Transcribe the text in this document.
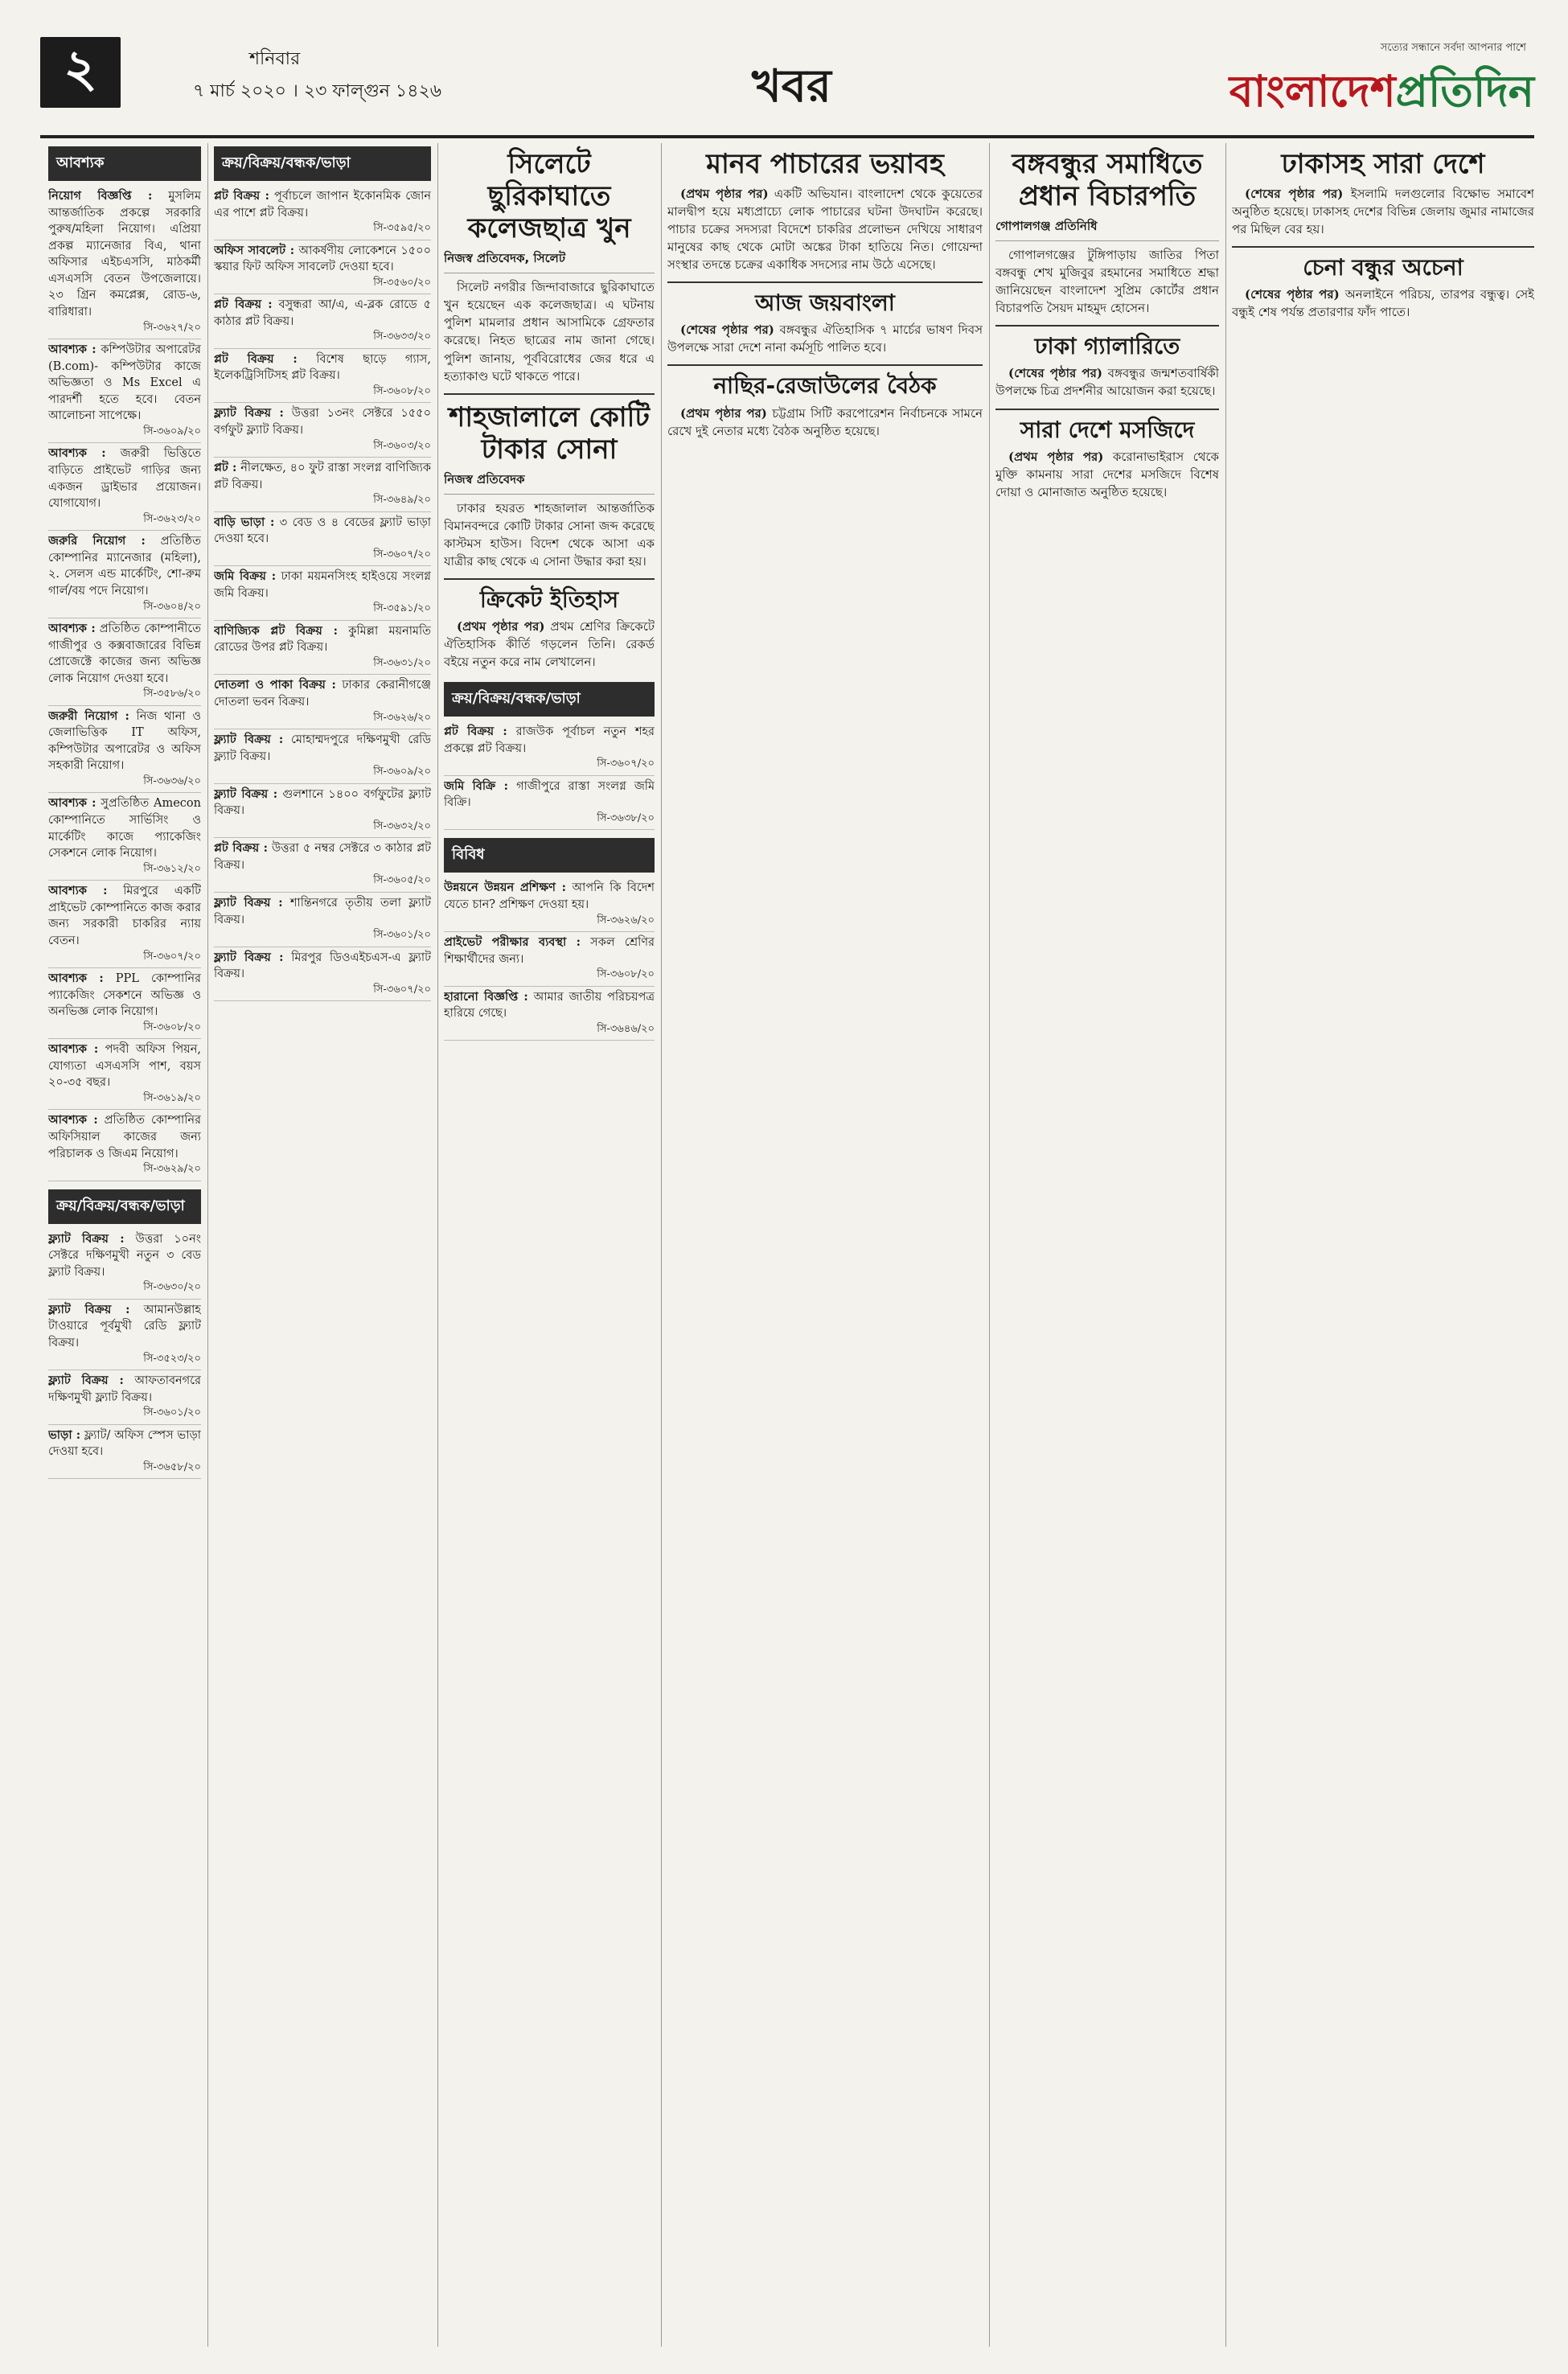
২	শনিবার
৭ মার্চ ২০২০ । ২৩ ফাল্গুন ১৪২৬	খবর
সত্যের সন্ধানে সর্বদা আপনার পাশে
বাংলাদেশপ্রতিদিন
আবশ্যক
নিয়োগ বিজ্ঞপ্তি : মুসলিম আন্তর্জাতিক প্রকল্পে সরকারি পুরুষ/মহিলা নিয়োগ। এপ্রিয়া প্রকল্প ম্যানেজার বিএ, থানা অফিসার এইচএসসি, মাঠকর্মী এসএসসি বেতন উপজেলায়ে। ২৩ গ্রিন কমপ্লেক্স, রোড-৬, বারিধারা।
সি-৩৬২৭/২০
আবশ্যক : কম্পিউটার অপারেটর (B.com)- কম্পিউটার কাজে অভিজ্ঞতা ও Ms Excel এ পারদর্শী হতে হবে। বেতন আলোচনা সাপেক্ষে।
সি-৩৬০৯/২০
আবশ্যক : জরুরী ভিত্তিতে বাড়িতে প্রাইভেট গাড়ির জন্য একজন ড্রাইভার প্রয়োজন। যোগাযোগ।
সি-৩৬২৩/২০
জরুরি নিয়োগ : প্রতিষ্ঠিত কোম্পানির ম্যানেজার (মহিলা), ২. সেলস এন্ড মার্কেটিং, শো-রুম গার্ল/বয় পদে নিয়োগ।
সি-৩৬০৪/২০
আবশ্যক : প্রতিষ্ঠিত কোম্পানীতে গাজীপুর ও কক্সবাজারের বিভিন্ন প্রোজেক্টে কাজের জন্য অভিজ্ঞ লোক নিয়োগ দেওয়া হবে।
সি-৩৫৮৬/২০
জরুরী নিয়োগ : নিজ থানা ও জেলাভিত্তিক IT অফিস, কম্পিউটার অপারেটর ও অফিস সহকারী নিয়োগ।
সি-৩৬৩৬/২০
আবশ্যক : সুপ্রতিষ্ঠিত Amecon কোম্পানিতে সার্ভিসিং ও মার্কেটিং কাজে প্যাকেজিং সেকশনে লোক নিয়োগ।
সি-৩৬১২/২০
আবশ্যক : মিরপুরে একটি প্রাইভেট কোম্পানিতে কাজ করার জন্য সরকারী চাকরির ন্যায় বেতন।
সি-৩৬০৭/২০
আবশ্যক : PPL কোম্পানির প্যাকেজিং সেকশনে অভিজ্ঞ ও অনভিজ্ঞ লোক নিয়োগ।
সি-৩৬০৮/২০
আবশ্যক : পদবী অফিস পিয়ন, যোগ্যতা এসএসসি পাশ, বয়স ২০-৩৫ বছর।
সি-৩৬১৯/২০
আবশ্যক : প্রতিষ্ঠিত কোম্পানির অফিসিয়াল কাজের জন্য পরিচালক ও জিএম নিয়োগ।
সি-৩৬২৯/২০
ক্রয়/বিক্রয়/বন্ধক/ভাড়া
ফ্ল্যাট বিক্রয় : উত্তরা ১০নং সেক্টরে দক্ষিণমুখী নতুন ৩ বেড ফ্ল্যাট বিক্রয়।
সি-৩৬৩০/২০
ফ্ল্যাট বিক্রয় : আমানউল্লাহ টাওয়ারে পূর্বমুখী রেডি ফ্ল্যাট বিক্রয়।
সি-৩৫২৩/২০
ফ্ল্যাট বিক্রয় : আফতাবনগরে দক্ষিণমুখী ফ্ল্যাট বিক্রয়।
সি-৩৬০১/২০
ভাড়া : ফ্ল্যাট/ অফিস স্পেস ভাড়া দেওয়া হবে।
সি-৩৬৫৮/২০
ক্রয়/বিক্রয়/বন্ধক/ভাড়া
প্লট বিক্রয় : পূর্বাচলে জাপান ইকোনমিক জোন এর পাশে প্লট বিক্রয়।
সি-৩৫৯৫/২০
অফিস সাবলেট : আকর্ষণীয় লোকেশনে ১৫০০ স্কয়ার ফিট অফিস সাবলেট দেওয়া হবে।
সি-৩৫৬০/২০
প্লট বিক্রয় : বসুন্ধরা আ/এ, এ-ব্লক রোডে ৫ কাঠার প্লট বিক্রয়।
সি-৩৬৩৩/২০
প্লট বিক্রয় : বিশেষ ছাড়ে গ্যাস, ইলেকট্রিসিটিসহ প্লট বিক্রয়।
সি-৩৬০৮/২০
ফ্ল্যাট বিক্রয় : উত্তরা ১৩নং সেক্টরে ১৫৫০ বর্গফুট ফ্ল্যাট বিক্রয়।
সি-৩৬০৩/২০
প্লট : নীলক্ষেত, ৪০ ফুট রাস্তা সংলগ্ন বাণিজ্যিক প্লট বিক্রয়।
সি-৩৬৪৯/২০
বাড়ি ভাড়া : ৩ বেড ও ৪ বেডের ফ্ল্যাট ভাড়া দেওয়া হবে।
সি-৩৬০৭/২০
জমি বিক্রয় : ঢাকা ময়মনসিংহ হাইওয়ে সংলগ্ন জমি বিক্রয়।
সি-৩৫৯১/২০
বাণিজ্যিক প্লট বিক্রয় : কুমিল্লা ময়নামতি রোডের উপর প্লট বিক্রয়।
সি-৩৬৩১/২০
দোতলা ও পাকা বিক্রয় : ঢাকার কেরানীগঞ্জে দোতলা ভবন বিক্রয়।
সি-৩৬২৬/২০
ফ্ল্যাট বিক্রয় : মোহাম্মদপুরে দক্ষিণমুখী রেডি ফ্ল্যাট বিক্রয়।
সি-৩৬০৯/২০
ফ্ল্যাট বিক্রয় : গুলশানে ১৪০০ বর্গফুটের ফ্ল্যাট বিক্রয়।
সি-৩৬৩২/২০
প্লট বিক্রয় : উত্তরা ৫ নম্বর সেক্টরে ৩ কাঠার প্লট বিক্রয়।
সি-৩৬০৫/২০
ফ্ল্যাট বিক্রয় : শান্তিনগরে তৃতীয় তলা ফ্ল্যাট বিক্রয়।
সি-৩৬০১/২০
ফ্ল্যাট বিক্রয় : মিরপুর ডিওএইচএস-এ ফ্ল্যাট বিক্রয়।
সি-৩৬০৭/২০
সিলেটে ছুরিকাঘাতে কলেজছাত্র খুন
নিজস্ব প্রতিবেদক, সিলেট

সিলেট নগরীর জিন্দাবাজারে ছুরিকাঘাতে খুন হয়েছেন এক কলেজছাত্র। এ ঘটনায় পুলিশ মামলার প্রধান আসামিকে গ্রেফতার করেছে। নিহত ছাত্রের নাম জানা গেছে। পুলিশ জানায়, পূর্ববিরোধের জের ধরে এ হত্যাকাণ্ড ঘটে থাকতে পারে।

শাহজালালে কোটি টাকার সোনা
নিজস্ব প্রতিবেদক

ঢাকার হযরত শাহজালাল আন্তর্জাতিক বিমানবন্দরে কোটি টাকার সোনা জব্দ করেছে কাস্টমস হাউস। বিদেশ থেকে আসা এক যাত্রীর কাছ থেকে এ সোনা উদ্ধার করা হয়।

ক্রিকেট ইতিহাস

(প্রথম পৃষ্ঠার পর) প্রথম শ্রেণির ক্রিকেটে ঐতিহাসিক কীর্তি গড়লেন তিনি। রেকর্ড বইয়ে নতুন করে নাম লেখালেন।

ক্রয়/বিক্রয়/বন্ধক/ভাড়া
প্লট বিক্রয় : রাজউক পূর্বাচল নতুন শহর প্রকল্পে প্লট বিক্রয়।
সি-৩৬০৭/২০
জমি বিক্রি : গাজীপুরে রাস্তা সংলগ্ন জমি বিক্রি।
সি-৩৬৩৮/২০
বিবিধ
উন্নয়নে উন্নয়ন প্রশিক্ষণ : আপনি কি বিদেশ যেতে চান? প্রশিক্ষণ দেওয়া হয়।
সি-৩৬২৬/২০
প্রাইভেট পরীক্ষার ব্যবস্থা : সকল শ্রেণির শিক্ষার্থীদের জন্য।
সি-৩৬০৮/২০
হারানো বিজ্ঞপ্তি : আমার জাতীয় পরিচয়পত্র হারিয়ে গেছে।
সি-৩৬৪৬/২০
মানব পাচারের ভয়াবহ

(প্রথম পৃষ্ঠার পর) একটি অভিযান। বাংলাদেশ থেকে কুয়েতের মালদ্বীপ হয়ে মধ্যপ্রাচ্যে লোক পাচারের ঘটনা উদঘাটন করেছে। পাচার চক্রের সদস্যরা বিদেশে চাকরির প্রলোভন দেখিয়ে সাধারণ মানুষের কাছ থেকে মোটা অঙ্কের টাকা হাতিয়ে নিত। গোয়েন্দা সংস্থার তদন্তে চক্রের একাধিক সদস্যের নাম উঠে এসেছে।

আজ জয়বাংলা

(শেষের পৃষ্ঠার পর) বঙ্গবন্ধুর ঐতিহাসিক ৭ মার্চের ভাষণ দিবস উপলক্ষে সারা দেশে নানা কর্মসূচি পালিত হবে।

নাছির-রেজাউলের বৈঠক

(প্রথম পৃষ্ঠার পর) চট্টগ্রাম সিটি করপোরেশন নির্বাচনকে সামনে রেখে দুই নেতার মধ্যে বৈঠক অনুষ্ঠিত হয়েছে।

বঙ্গবন্ধুর সমাধিতে প্রধান বিচারপতি
গোপালগঞ্জ প্রতিনিধি

গোপালগঞ্জের টুঙ্গিপাড়ায় জাতির পিতা বঙ্গবন্ধু শেখ মুজিবুর রহমানের সমাধিতে শ্রদ্ধা জানিয়েছেন বাংলাদেশ সুপ্রিম কোর্টের প্রধান বিচারপতি সৈয়দ মাহমুদ হোসেন।

ঢাকা গ্যালারিতে

(শেষের পৃষ্ঠার পর) বঙ্গবন্ধুর জন্মশতবার্ষিকী উপলক্ষে চিত্র প্রদর্শনীর আয়োজন করা হয়েছে।

সারা দেশে মসজিদে

(প্রথম পৃষ্ঠার পর) করোনাভাইরাস থেকে মুক্তি কামনায় সারা দেশের মসজিদে বিশেষ দোয়া ও মোনাজাত অনুষ্ঠিত হয়েছে।

ঢাকাসহ সারা দেশে

(শেষের পৃষ্ঠার পর) ইসলামি দলগুলোর বিক্ষোভ সমাবেশ অনুষ্ঠিত হয়েছে। ঢাকাসহ দেশের বিভিন্ন জেলায় জুমার নামাজের পর মিছিল বের হয়।

চেনা বন্ধুর অচেনা

(শেষের পৃষ্ঠার পর) অনলাইনে পরিচয়, তারপর বন্ধুত্ব। সেই বন্ধুই শেষ পর্যন্ত প্রতারণার ফাঁদ পাতে।
